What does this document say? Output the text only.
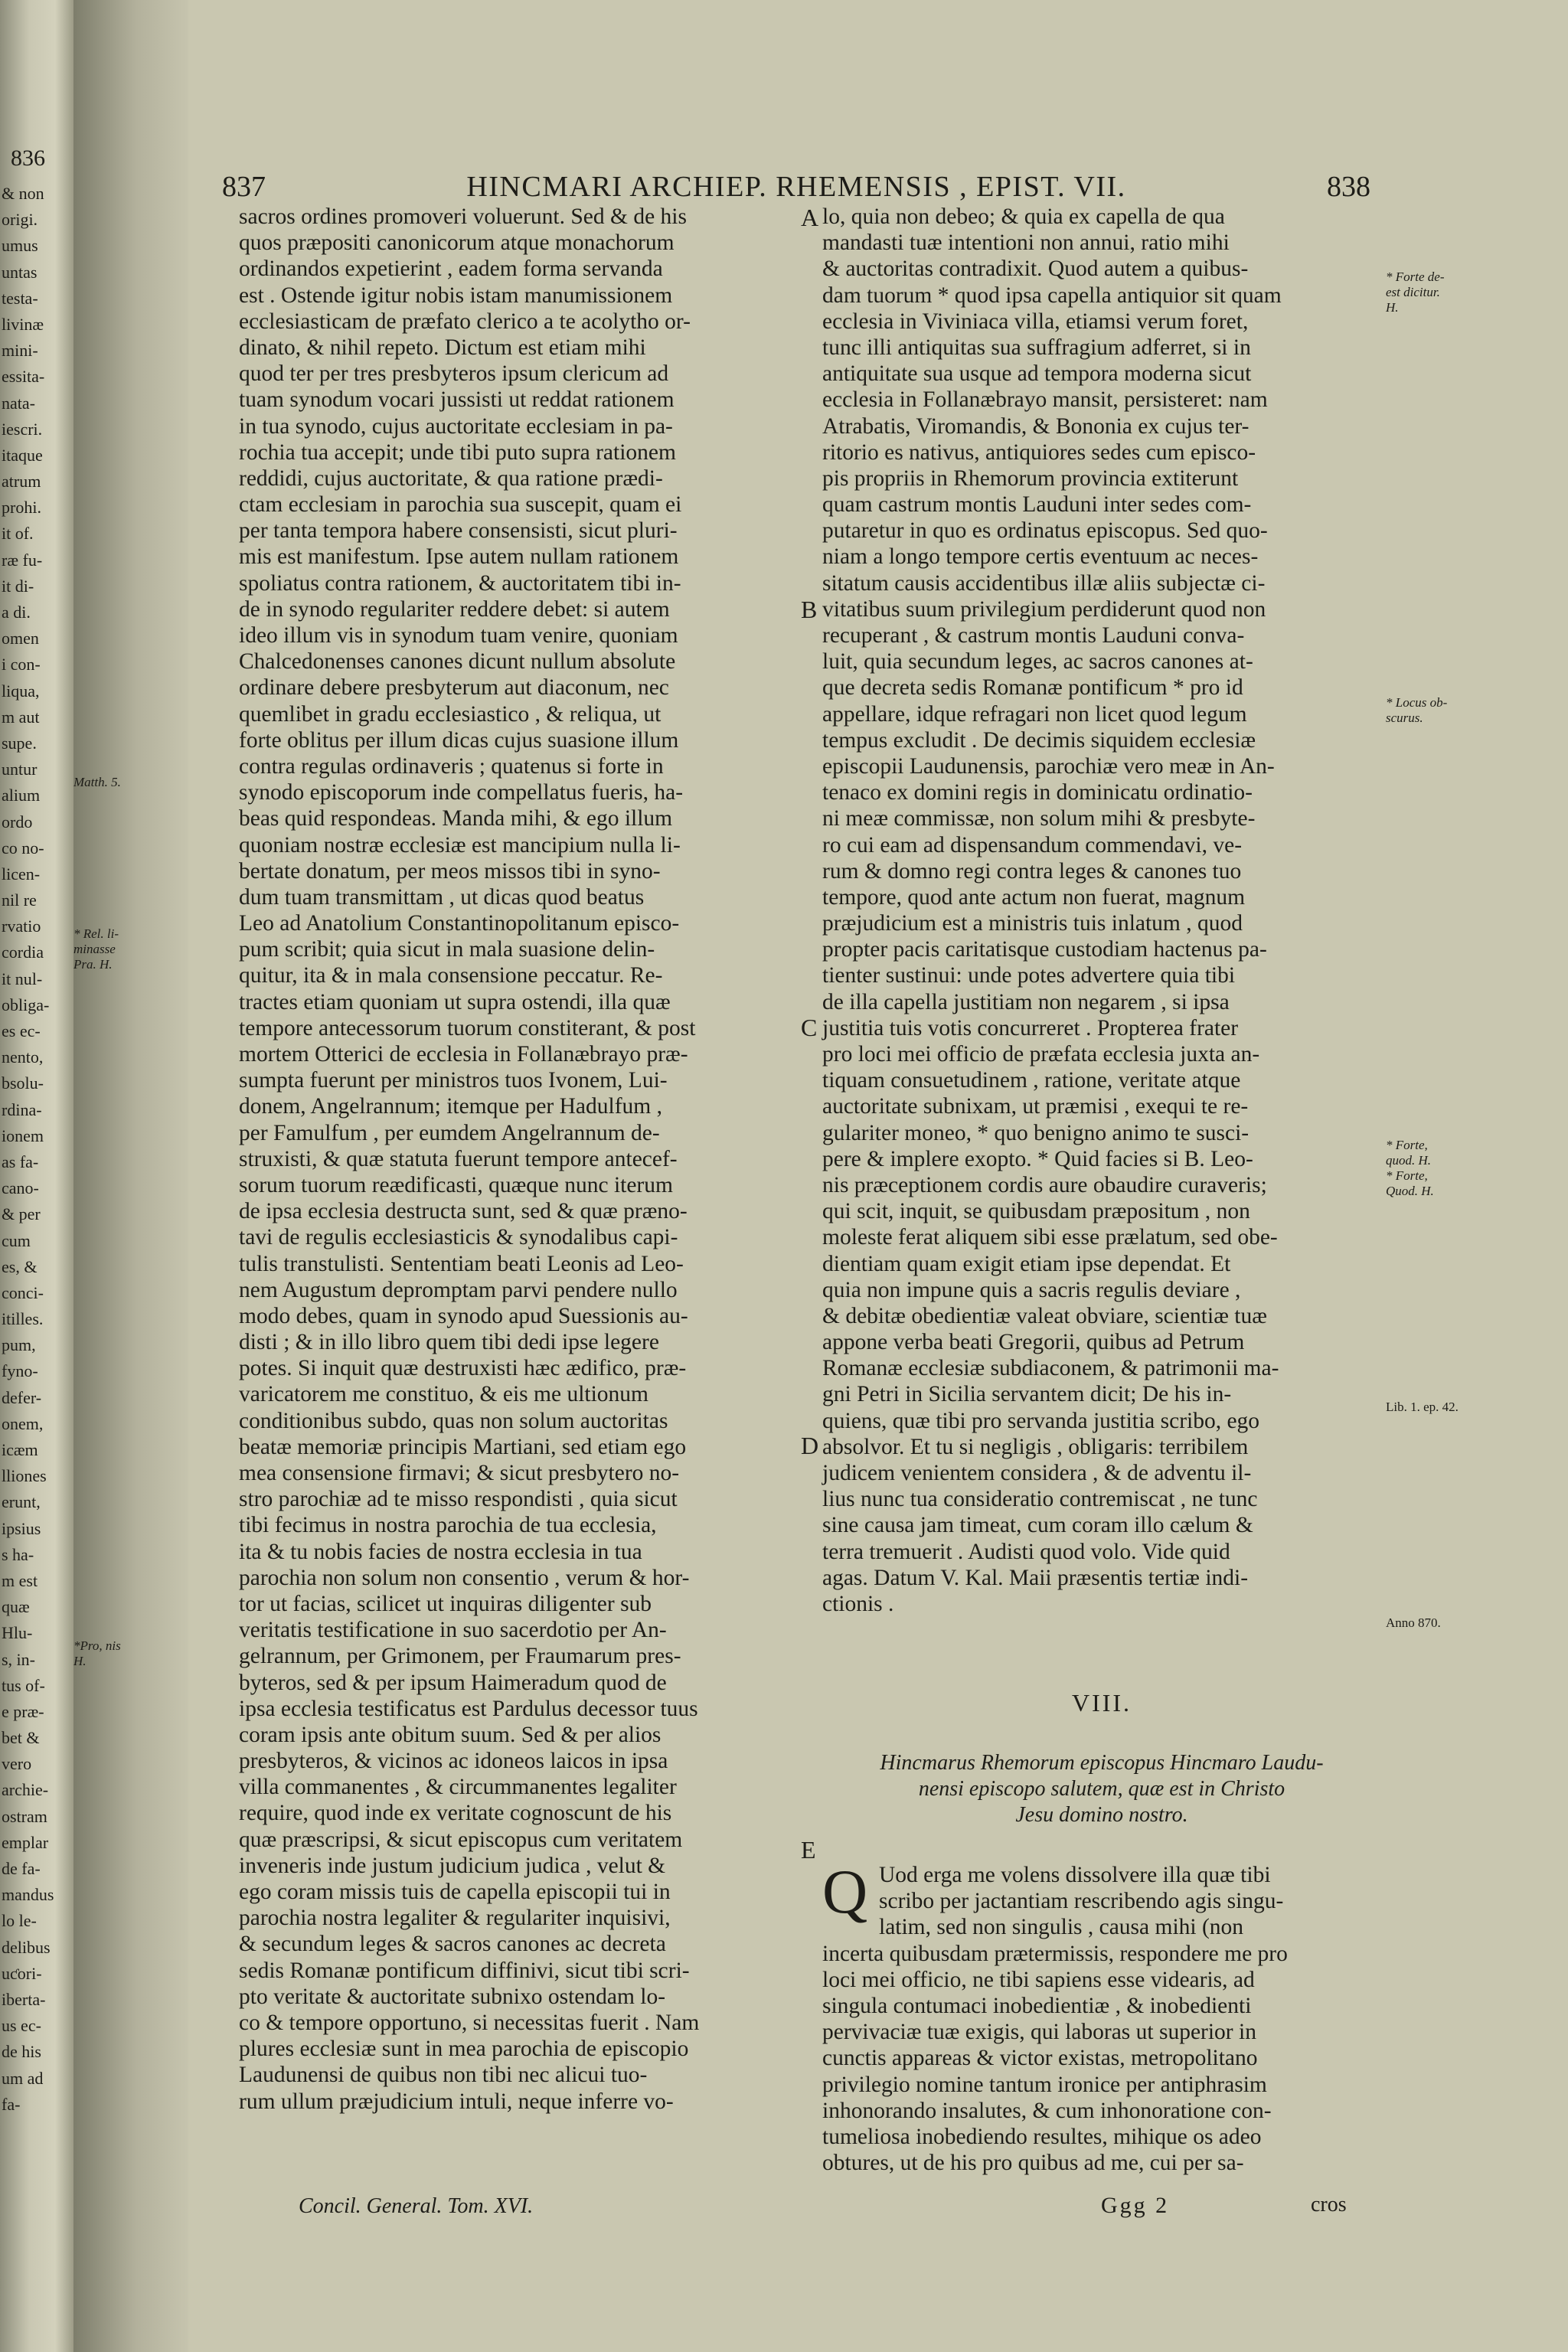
836
& non
origi.
umus
untas
testa-
livinæ
mini-
essita-
nata-
iescri.
itaque
atrum
prohi.
it of.
ræ fu-
it di-
a di.
omen
i con-
liqua,
m aut
supe.
untur
alium
ordo
co no-
licen-
nil re
rvatio
cordia
it nul-
obliga-
es ec-
nento,
bsolu-
rdina-
ionem
as fa-
cano-
& per
cum
es, &
conci-
itilles.
pum,
fyno-
defer-
onem,
icæm
lliones
erunt,
ipsius
s ha-
m est
quæ
Hlu-
s, in-
tus of-
e præ-
bet &
vero
archie-
ostram
emplar
de fa-
mandus
lo le-
delibus
uƈori-
iberta-
us ec-
de his
um ad
fa-
Matth. 5.
* Rel. li-
minasse
Pra. H.
*Pro, nis
H.
837	HINCMARI ARCHIEP. RHEMENSIS , EPIST. VII.	838
sacros ordines promoveri voluerunt. Sed & de his
quos præpositi canonicorum atque monachorum
ordinandos expetierint , eadem forma servanda
est . Ostende igitur nobis istam manumissionem
ecclesiasticam de præfato clerico a te acolytho or-
dinato, & nihil repeto. Dictum est etiam mihi
quod ter per tres presbyteros ipsum clericum ad
tuam synodum vocari jussisti ut reddat rationem
in tua synodo, cujus auctoritate ecclesiam in pa-
rochia tua accepit; unde tibi puto supra rationem
reddidi, cujus auctoritate, & qua ratione prædi-
ctam ecclesiam in parochia sua suscepit, quam ei
per tanta tempora habere consensisti, sicut pluri-
mis est manifestum. Ipse autem nullam rationem
spoliatus contra rationem, & auctoritatem tibi in-
de in synodo regulariter reddere debet: si autem
ideo illum vis in synodum tuam venire, quoniam
Chalcedonenses canones dicunt nullum absolute
ordinare debere presbyterum aut diaconum, nec
quemlibet in gradu ecclesiastico , & reliqua, ut
forte oblitus per illum dicas cujus suasione illum
contra regulas ordinaveris ; quatenus si forte in
synodo episcoporum inde compellatus fueris, ha-
beas quid respondeas. Manda mihi, & ego illum
quoniam nostræ ecclesiæ est mancipium nulla li-
bertate donatum, per meos missos tibi in syno-
dum tuam transmittam , ut dicas quod beatus
Leo ad Anatolium Constantinopolitanum episco-
pum scribit; quia sicut in mala suasione delin-
quitur, ita & in mala consensione peccatur. Re-
tractes etiam quoniam ut supra ostendi, illa quæ
tempore antecessorum tuorum constiterant, & post
mortem Otterici de ecclesia in Follanæbrayo præ-
sumpta fuerunt per ministros tuos Ivonem, Lui-
donem, Angelrannum; itemque per Hadulfum ,
per Famulfum , per eumdem Angelrannum de-
struxisti, & quæ statuta fuerunt tempore antecef-
sorum tuorum reædificasti, quæque nunc iterum
de ipsa ecclesia destructa sunt, sed & quæ præno-
tavi de regulis ecclesiasticis & synodalibus capi-
tulis transtulisti. Sententiam beati Leonis ad Leo-
nem Augustum depromptam parvi pendere nullo
modo debes, quam in synodo apud Suessionis au-
disti ; & in illo libro quem tibi dedi ipse legere
potes. Si inquit quæ destruxisti hæc ædifico, præ-
varicatorem me constituo, & eis me ultionum
conditionibus subdo, quas non solum auctoritas
beatæ memoriæ principis Martiani, sed etiam ego
mea consensione firmavi; & sicut presbytero no-
stro parochiæ ad te misso respondisti , quia sicut
tibi fecimus in nostra parochia de tua ecclesia,
ita & tu nobis facies de nostra ecclesia in tua
parochia non solum non consentio , verum & hor-
tor ut facias, scilicet ut inquiras diligenter sub
veritatis testificatione in suo sacerdotio per An-
gelrannum, per Grimonem, per Fraumarum pres-
byteros, sed & per ipsum Haimeradum quod de
ipsa ecclesia testificatus est Pardulus decessor tuus
coram ipsis ante obitum suum. Sed & per alios
presbyteros, & vicinos ac idoneos laicos in ipsa
villa commanentes , & circummanentes legaliter
require, quod inde ex veritate cognoscunt de his
quæ præscripsi, & sicut episcopus cum veritatem
inveneris inde justum judicium judica , velut &
ego coram missis tuis de capella episcopii tui in
parochia nostra legaliter & regulariter inquisivi,
& secundum leges & sacros canones ac decreta
sedis Romanæ pontificum diffinivi, sicut tibi scri-
pto veritate & auctoritate subnixo ostendam lo-
co & tempore opportuno, si necessitas fuerit . Nam
plures ecclesiæ sunt in mea parochia de episcopio
Laudunensi de quibus non tibi nec alicui tuo-
rum ullum præjudicium intuli, neque inferre vo-
lo, quia non debeo; & quia ex capella de qua
mandasti tuæ intentioni non annui, ratio mihi
& auctoritas contradixit. Quod autem a quibus-
dam tuorum * quod ipsa capella antiquior sit quam
ecclesia in Viviniaca villa, etiamsi verum foret,
tunc illi antiquitas sua suffragium adferret, si in
antiquitate sua usque ad tempora moderna sicut
ecclesia in Follanæbrayo mansit, persisteret: nam
Atrabatis, Viromandis, & Bononia ex cujus ter-
ritorio es nativus, antiquiores sedes cum episco-
pis propriis in Rhemorum provincia extiterunt
quam castrum montis Lauduni inter sedes com-
putaretur in quo es ordinatus episcopus. Sed quo-
niam a longo tempore certis eventuum ac neces-
sitatum causis accidentibus illæ aliis subjectæ ci-
vitatibus suum privilegium perdiderunt quod non
recuperant , & castrum montis Lauduni conva-
luit, quia secundum leges, ac sacros canones at-
que decreta sedis Romanæ pontificum * pro id
appellare, idque refragari non licet quod legum
tempus excludit . De decimis siquidem ecclesiæ
episcopii Laudunensis, parochiæ vero meæ in An-
tenaco ex domini regis in dominicatu ordinatio-
ni meæ commissæ, non solum mihi & presbyte-
ro cui eam ad dispensandum commendavi, ve-
rum & domno regi contra leges & canones tuo
tempore, quod ante actum non fuerat, magnum
præjudicium est a ministris tuis inlatum , quod
propter pacis caritatisque custodiam hactenus pa-
tienter sustinui: unde potes advertere quia tibi
de illa capella justitiam non negarem , si ipsa
justitia tuis votis concurreret . Propterea frater
pro loci mei officio de præfata ecclesia juxta an-
tiquam consuetudinem , ratione, veritate atque
auctoritate subnixam, ut præmisi , exequi te re-
gulariter moneo, * quo benigno animo te susci-
pere & implere exopto. * Quid facies si B. Leo-
nis præceptionem cordis aure obaudire curaveris;
qui scit, inquit, se quibusdam præpositum , non
moleste ferat aliquem sibi esse prælatum, sed obe-
dientiam quam exigit etiam ipse dependat. Et
quia non impune quis a sacris regulis deviare ,
& debitæ obedientiæ valeat obviare, scientiæ tuæ
appone verba beati Gregorii, quibus ad Petrum
Romanæ ecclesiæ subdiaconem, & patrimonii ma-
gni Petri in Sicilia servantem dicit; De his in-
quiens, quæ tibi pro servanda justitia scribo, ego
absolvor. Et tu si negligis , obligaris: terribilem
judicem venientem considera , & de adventu il-
lius nunc tua consideratio contremiscat , ne tunc
sine causa jam timeat, cum coram illo cælum &
terra tremuerit . Audisti quod volo. Vide quid
agas. Datum V. Kal. Maii præsentis tertiæ indi-
ctionis .
A
B
C
D
E
* Forte de-
est dicitur.
H.
* Locus ob-
scurus.
* Forte,
quod. H.
* Forte,
Quod. H.
Lib. 1. ep. 42.
Anno 870.
VIII.
Hincmarus Rhemorum episcopus Hincmaro Laudu-
nensi episcopo salutem, quæ est in Christo
Jesu domino nostro.
Q Uod erga me volens dissolvere illa quæ tibi
scribo per jactantiam rescribendo agis singu-
latim, sed non singulis , causa mihi (non
incerta quibusdam prætermissis, respondere me pro
loci mei officio, ne tibi sapiens esse videaris, ad
singula contumaci inobedientiæ , & inobedienti
pervivaciæ tuæ exigis, qui laboras ut superior in
cunctis appareas & victor existas, metropolitano
privilegio nomine tantum ironice per antiphrasim
inhonorando insalutes, & cum inhonoratione con-
tumeliosa inobediendo resultes, mihique os adeo
obtures, ut de his pro quibus ad me, cui per sa-
Concil. General. Tom. XVI.	Ggg 2	cros
